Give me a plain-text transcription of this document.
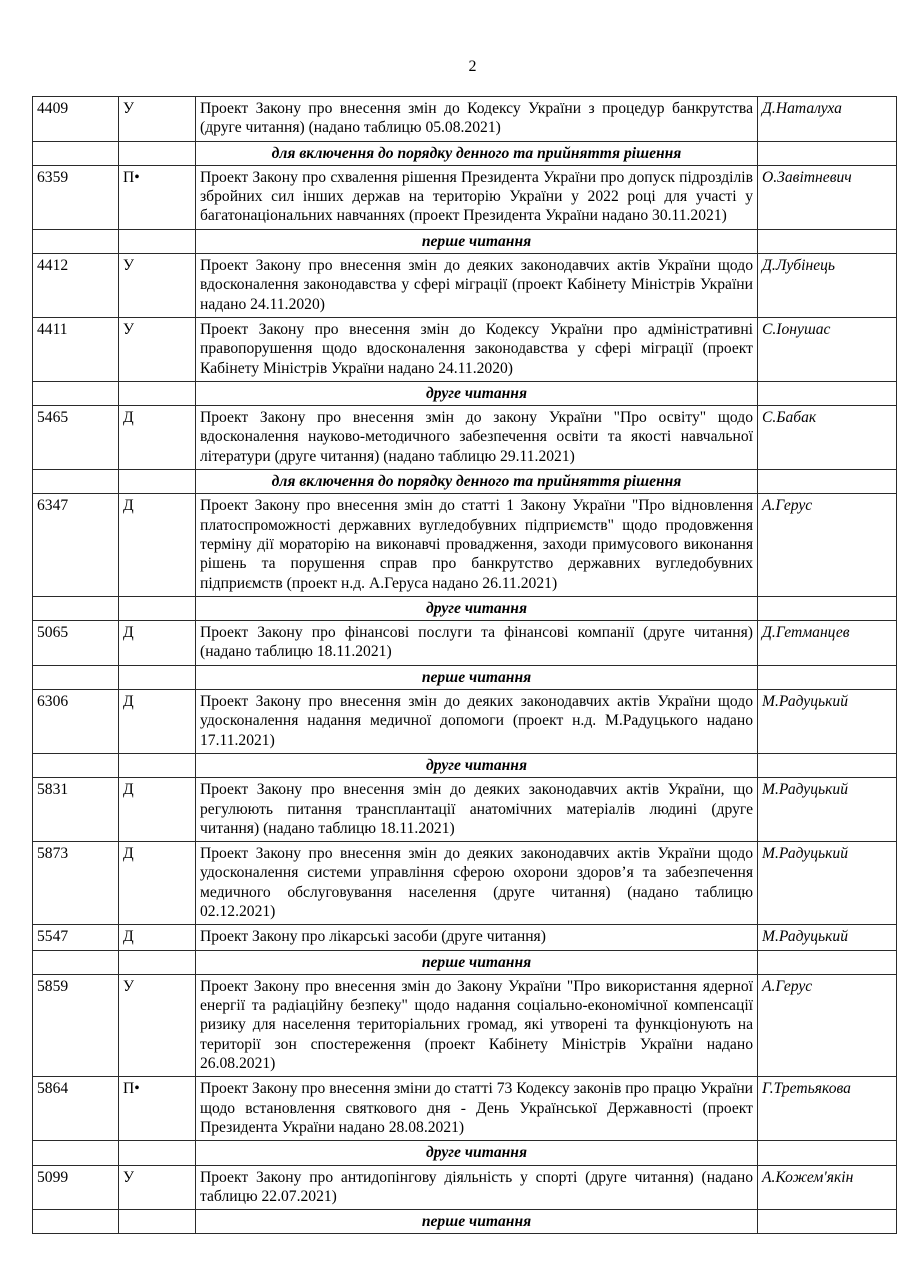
2
4409	У	Проект Закону про внесення змін до Кодексу України з процедур банкрутства (друге читання) (надано таблицю 05.08.2021)	Д.Наталуха
		для включення до порядку денного та прийняття рішення	
6359	П•	Проект Закону про схвалення рішення Президента України про допуск підрозділів збройних сил інших держав на територію України у 2022 році для участі у багатонаціональних навчаннях (проект Президента України надано 30.11.2021)	О.Завітневич
		перше читання	
4412	У	Проект Закону про внесення змін до деяких законодавчих актів України щодо вдосконалення законодавства у сфері міграції (проект Кабінету Міністрів України надано 24.11.2020)	Д.Лубінець
4411	У	Проект Закону про внесення змін до Кодексу України про адміністративні правопорушення щодо вдосконалення законодавства у сфері міграції (проект Кабінету Міністрів України надано 24.11.2020)	С.Іонушас
		друге читання	
5465	Д	Проект Закону про внесення змін до закону України "Про освіту" щодо вдосконалення науково-методичного забезпечення освіти та якості навчальної літератури (друге читання) (надано таблицю 29.11.2021)	С.Бабак
		для включення до порядку денного та прийняття рішення	
6347	Д	Проект Закону про внесення змін до статті 1 Закону України "Про відновлення платоспроможності державних вугледобувних підприємств" щодо продовження терміну дії мораторію на виконавчі провадження, заходи примусового виконання рішень та порушення справ про банкрутство державних вугледобувних підприємств (проект н.д. А.Геруса надано 26.11.2021)	А.Герус
		друге читання	
5065	Д	Проект Закону про фінансові послуги та фінансові компанії (друге читання) (надано таблицю 18.11.2021)	Д.Гетманцев
		перше читання	
6306	Д	Проект Закону про внесення змін до деяких законодавчих актів України щодо удосконалення надання медичної допомоги (проект н.д. М.Радуцького надано 17.11.2021)	М.Радуцький
		друге читання	
5831	Д	Проект Закону про внесення змін до деяких законодавчих актів України, що регулюють питання трансплантації анатомічних матеріалів людині (друге читання) (надано таблицю 18.11.2021)	М.Радуцький
5873	Д	Проект Закону про внесення змін до деяких законодавчих актів України щодо удосконалення системи управління сферою охорони здоров’я та забезпечення медичного обслуговування населення (друге читання) (надано таблицю 02.12.2021)	М.Радуцький
5547	Д	Проект Закону про лікарські засоби (друге читання)	М.Радуцький
		перше читання	
5859	У	Проект Закону про внесення змін до Закону України "Про використання ядерної енергії та радіаційну безпеку" щодо надання соціально-економічної компенсації ризику для населення територіальних громад, які утворені та функціонують на території зон спостереження (проект Кабінету Міністрів України надано 26.08.2021)	А.Герус
5864	П•	Проект Закону про внесення зміни до статті 73 Кодексу законів про працю України щодо встановлення святкового дня - День Української Державності (проект Президента України надано 28.08.2021)	Г.Третьякова
		друге читання	
5099	У	Проект Закону про антидопінгову діяльність у спорті (друге читання) (надано таблицю 22.07.2021)	А.Кожем'якін
		перше читання	
